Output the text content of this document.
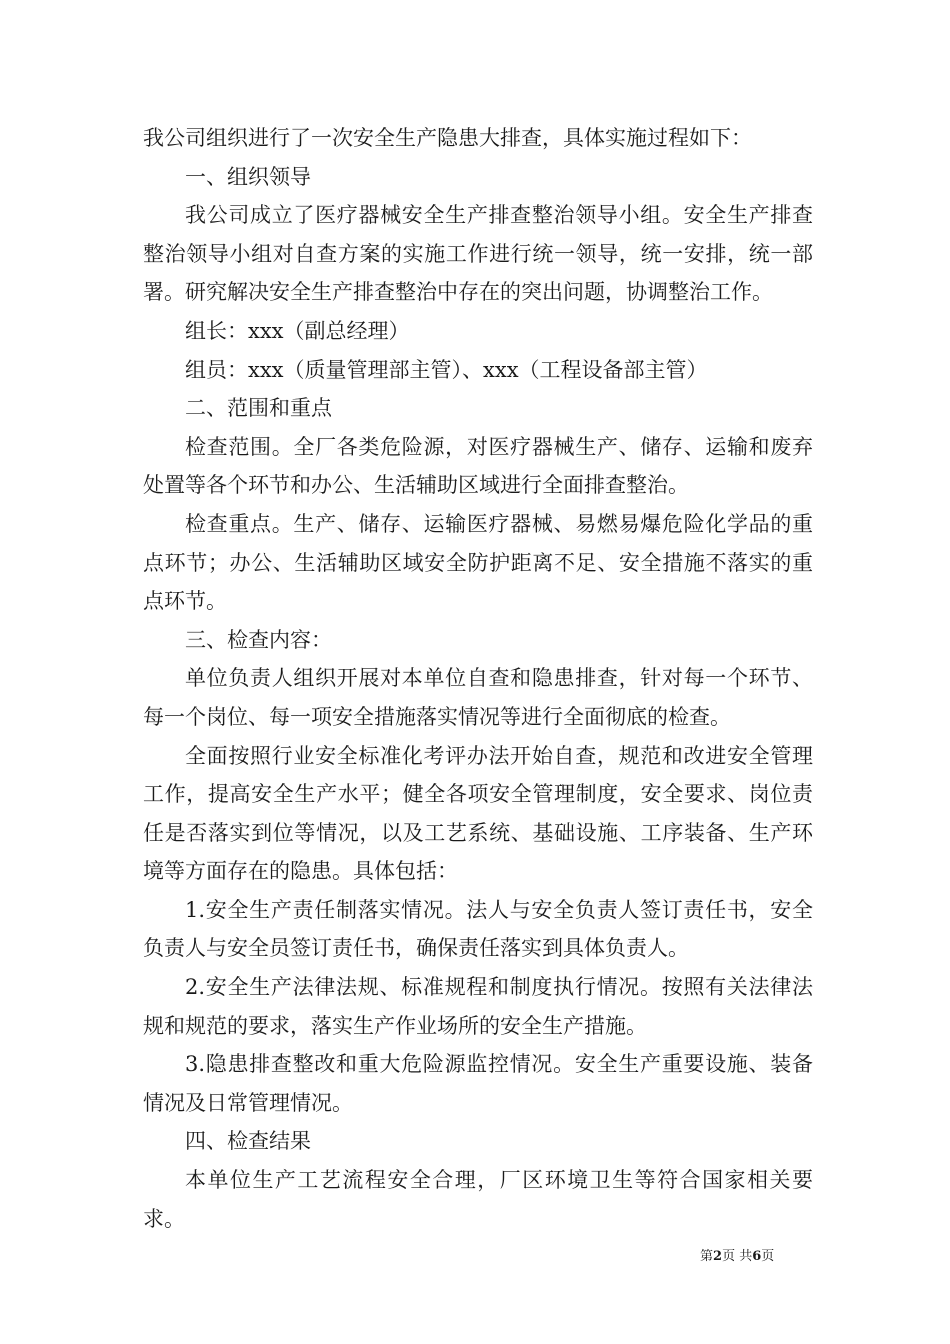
我公司组织进行了一次安全生产隐患大排查，具体实施过程如下：

一、组织领导

我公司成立了医疗器械安全生产排查整治领导小组。安全生产排查整治领导小组对自查方案的实施工作进行统一领导，统一安排，统一部署。研究解决安全生产排查整治中存在的突出问题，协调整治工作。

组长：xxx（副总经理）

组员：xxx（质量管理部主管）、xxx（工程设备部主管）

二、范围和重点

检查范围。全厂各类危险源，对医疗器械生产、储存、运输和废弃处置等各个环节和办公、生活辅助区域进行全面排查整治。

检查重点。生产、储存、运输医疗器械、易燃易爆危险化学品的重点环节；办公、生活辅助区域安全防护距离不足、安全措施不落实的重点环节。

三、检查内容：

单位负责人组织开展对本单位自查和隐患排查，针对每一个环节、每一个岗位、每一项安全措施落实情况等进行全面彻底的检查。

全面按照行业安全标准化考评办法开始自查，规范和改进安全管理工作，提高安全生产水平；健全各项安全管理制度，安全要求、岗位责任是否落实到位等情况，以及工艺系统、基础设施、工序装备、生产环境等方面存在的隐患。具体包括：

1.安全生产责任制落实情况。法人与安全负责人签订责任书，安全负责人与安全员签订责任书，确保责任落实到具体负责人。

2.安全生产法律法规、标准规程和制度执行情况。按照有关法律法规和规范的要求，落实生产作业场所的安全生产措施。

3.隐患排查整改和重大危险源监控情况。安全生产重要设施、装备情况及日常管理情况。

四、检查结果

本单位生产工艺流程安全合理，厂区环境卫生等符合国家相关要求。

第2页 共6页
